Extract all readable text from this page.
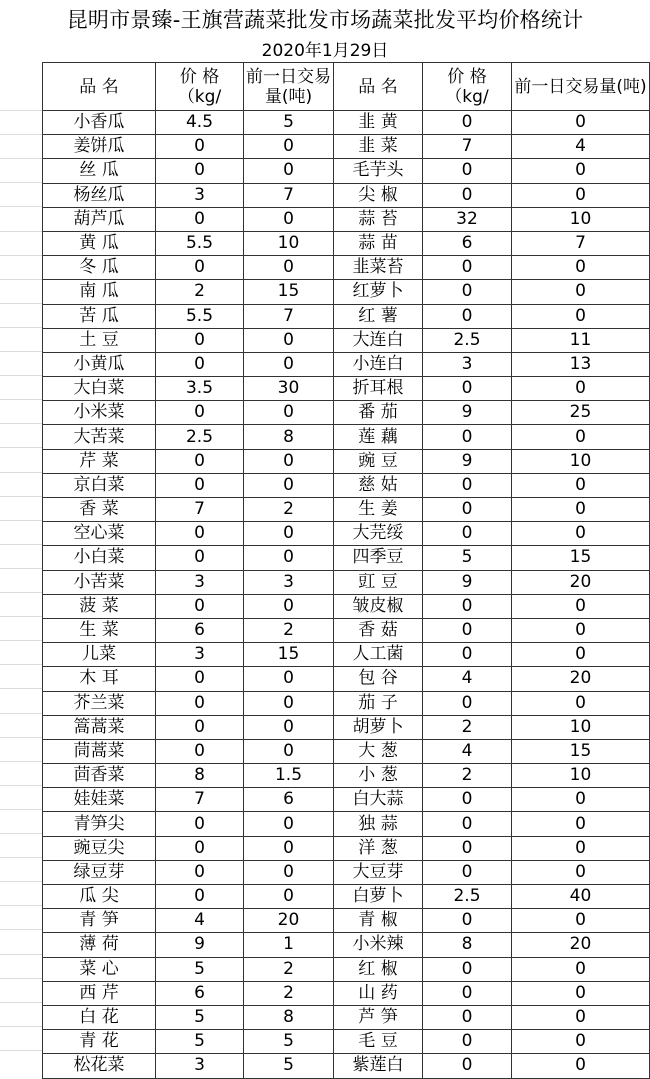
昆明市景臻-王旗营蔬菜批发市场蔬菜批发平均价格统计
2020年1月29日
品 名	价 格 （kg/	前一日交易量(吨)	品 名	价 格 （kg/	前一日交易量(吨)
小香瓜	4.5	5	韭 黄	0	0
姜饼瓜	0	0	韭 菜	7	4
丝 瓜	0	0	毛芋头	0	0
杨丝瓜	3	7	尖 椒	0	0
葫芦瓜	0	0	蒜 苔	32	10
黄 瓜	5.5	10	蒜 苗	6	7
冬 瓜	0	0	韭菜苔	0	0
南 瓜	2	15	红萝卜	0	0
苦 瓜	5.5	7	红 薯	0	0
土 豆	0	0	大连白	2.5	11
小黄瓜	0	0	小连白	3	13
大白菜	3.5	30	折耳根	0	0
小米菜	0	0	番 茄	9	25
大苦菜	2.5	8	莲 藕	0	0
芹 菜	0	0	豌 豆	9	10
京白菜	0	0	慈 姑	0	0
香 菜	7	2	生 姜	0	0
空心菜	0	0	大芫绥	0	0
小白菜	0	0	四季豆	5	15
小苦菜	3	3	豇 豆	9	20
菠 菜	0	0	皱皮椒	0	0
生 菜	6	2	香 菇	0	0
儿菜	3	15	人工菌	0	0
木 耳	0	0	包 谷	4	20
芥兰菜	0	0	茄 子	0	0
篙蒿菜	0	0	胡萝卜	2	10
茼蒿菜	0	0	大 葱	4	15
茴香菜	8	1.5	小 葱	2	10
娃娃菜	7	6	白大蒜	0	0
青笋尖	0	0	独 蒜	0	0
豌豆尖	0	0	洋 葱	0	0
绿豆芽	0	0	大豆芽	0	0
瓜 尖	0	0	白萝卜	2.5	40
青 笋	4	20	青 椒	0	0
薄 荷	9	1	小米辣	8	20
菜 心	5	2	红 椒	0	0
西 芹	6	2	山 药	0	0
白 花	5	8	芦 笋	0	0
青 花	5	5	毛 豆	0	0
松花菜	3	5	紫莲白	0	0
